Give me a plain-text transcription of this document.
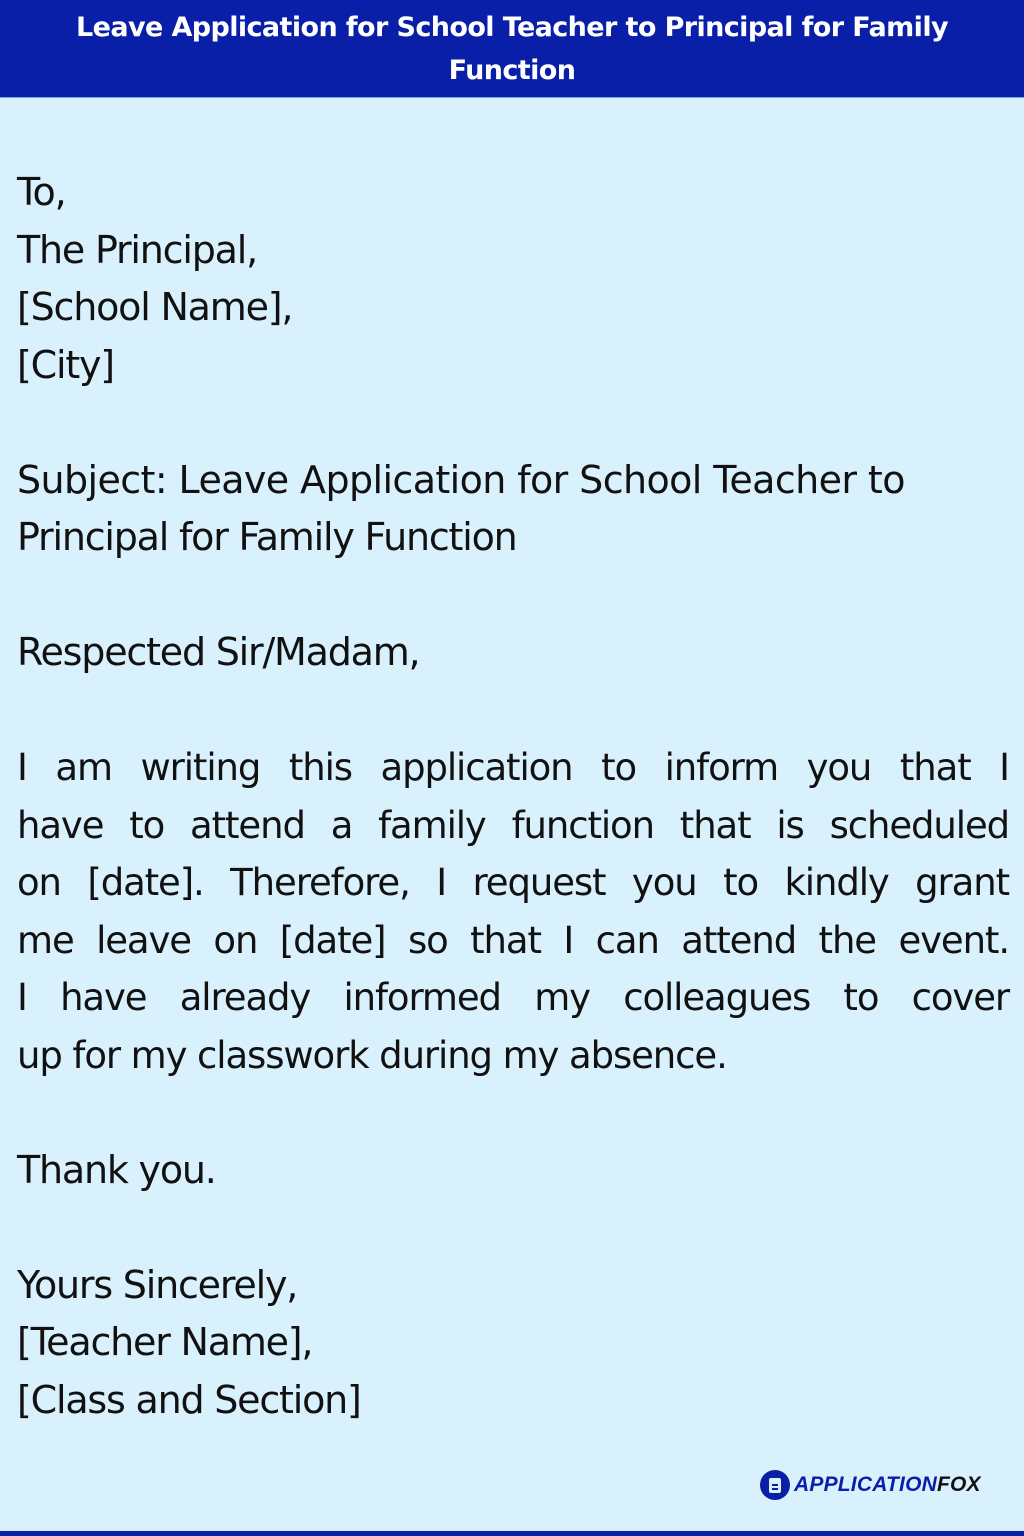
Leave Application for School Teacher to Principal for Family Function
To,
The Principal,
[School Name],
[City]
Subject: Leave Application for School Teacher to
Principal for Family Function
Respected Sir/Madam,
I am writing this application to inform you that I
have to attend a family function that is scheduled
on [date]. Therefore, I request you to kindly grant
me leave on [date] so that I can attend the event.
I have already informed my colleagues to cover
up for my classwork during my absence.
Thank you.
Yours Sincerely,
[Teacher Name],
[Class and Section]
APPLICATIONFOX
